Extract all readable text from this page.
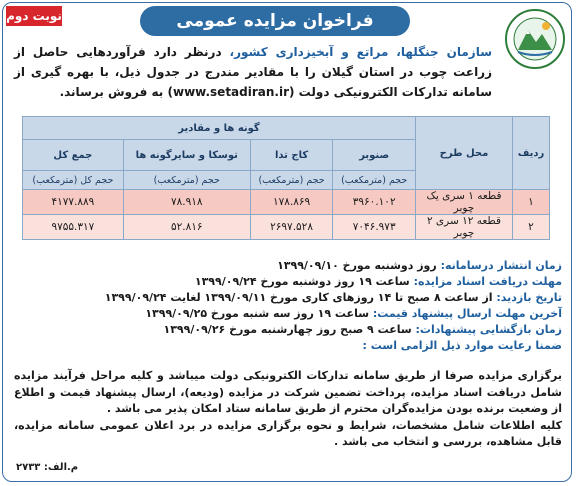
نوبت دوم	فراخوان مزایده عمومی
سازمان جنگلها، مراتع و آبخیزداری کشور، درنظر دارد فرآوردهایی حاصل از زراعت چوب در استان گیلان را با مقادیر مندرج در جدول ذیل، با بهره گیری از سامانه تدارکات الکترونیکی دولت (www.setadiran.ir) به فروش برساند.
ردیف	محل طرح	گونه ها و مقادیر			
		صنوبر	کاج تدا	توسکا و سایرگونه ها	جمع کل
		حجم (مترمکعب)	حجم (مترمکعب)	حجم (مترمکعب)	حجم کل (مترمکعب)
۱	قطعه ۱ سری یک چوبر	۳۹۶۰.۱۰۲	۱۷۸.۸۶۹	۷۸.۹۱۸	۴۱۷۷.۸۸۹
۲	قطعه ۱۲ سری ۲ چوبر	۷۰۴۶.۹۷۳	۲۶۹۷.۵۲۸	۵۲.۸۱۶	۹۷۵۵.۳۱۷

زمان انتشار درسامانه: روز دوشنبه مورخ ۱۳۹۹/۰۹/۱۰

مهلت دریافت اسناد مزایده: ساعت ۱۹ روز دوشنبه مورخ ۱۳۹۹/۰۹/۲۴

تاریخ بازدید: از ساعت ۸ صبح تا ۱۴ روزهای کاری مورخ ۱۳۹۹/۰۹/۱۱ لغایت ۱۳۹۹/۰۹/۲۴

آخرین مهلت ارسال پیشنهاد قیمت: ساعت ۱۹ روز سه شنبه مورخ ۱۳۹۹/۰۹/۲۵

زمان بازگشایی پیشنهادات: ساعت ۹ صبح روز چهارشنبه مورخ ۱۳۹۹/۰۹/۲۶

ضمنا رعایت موارد ذیل الزامی است :

برگزاری مزایده صرفا از طریق سامانه تدارکات الکترونیکی دولت میباشد و کلیه مراحل فرآیند مزایده شامل دریافت اسناد مزایده، پرداخت تضمین شرکت در مزایده (ودیعه)، ارسال پیشنهاد قیمت و اطلاع از وضعیت برنده بودن مزایده‌گران محترم از طریق سامانه ستاد امکان پذیر می باشد .

کلیه اطلاعات شامل مشخصات، شرایط و نحوه برگزاری مزایده در برد اعلان عمومی سامانه مزایده، قابل مشاهده، بررسی و انتخاب می باشد .

م.الف: ۲۷۳۳
